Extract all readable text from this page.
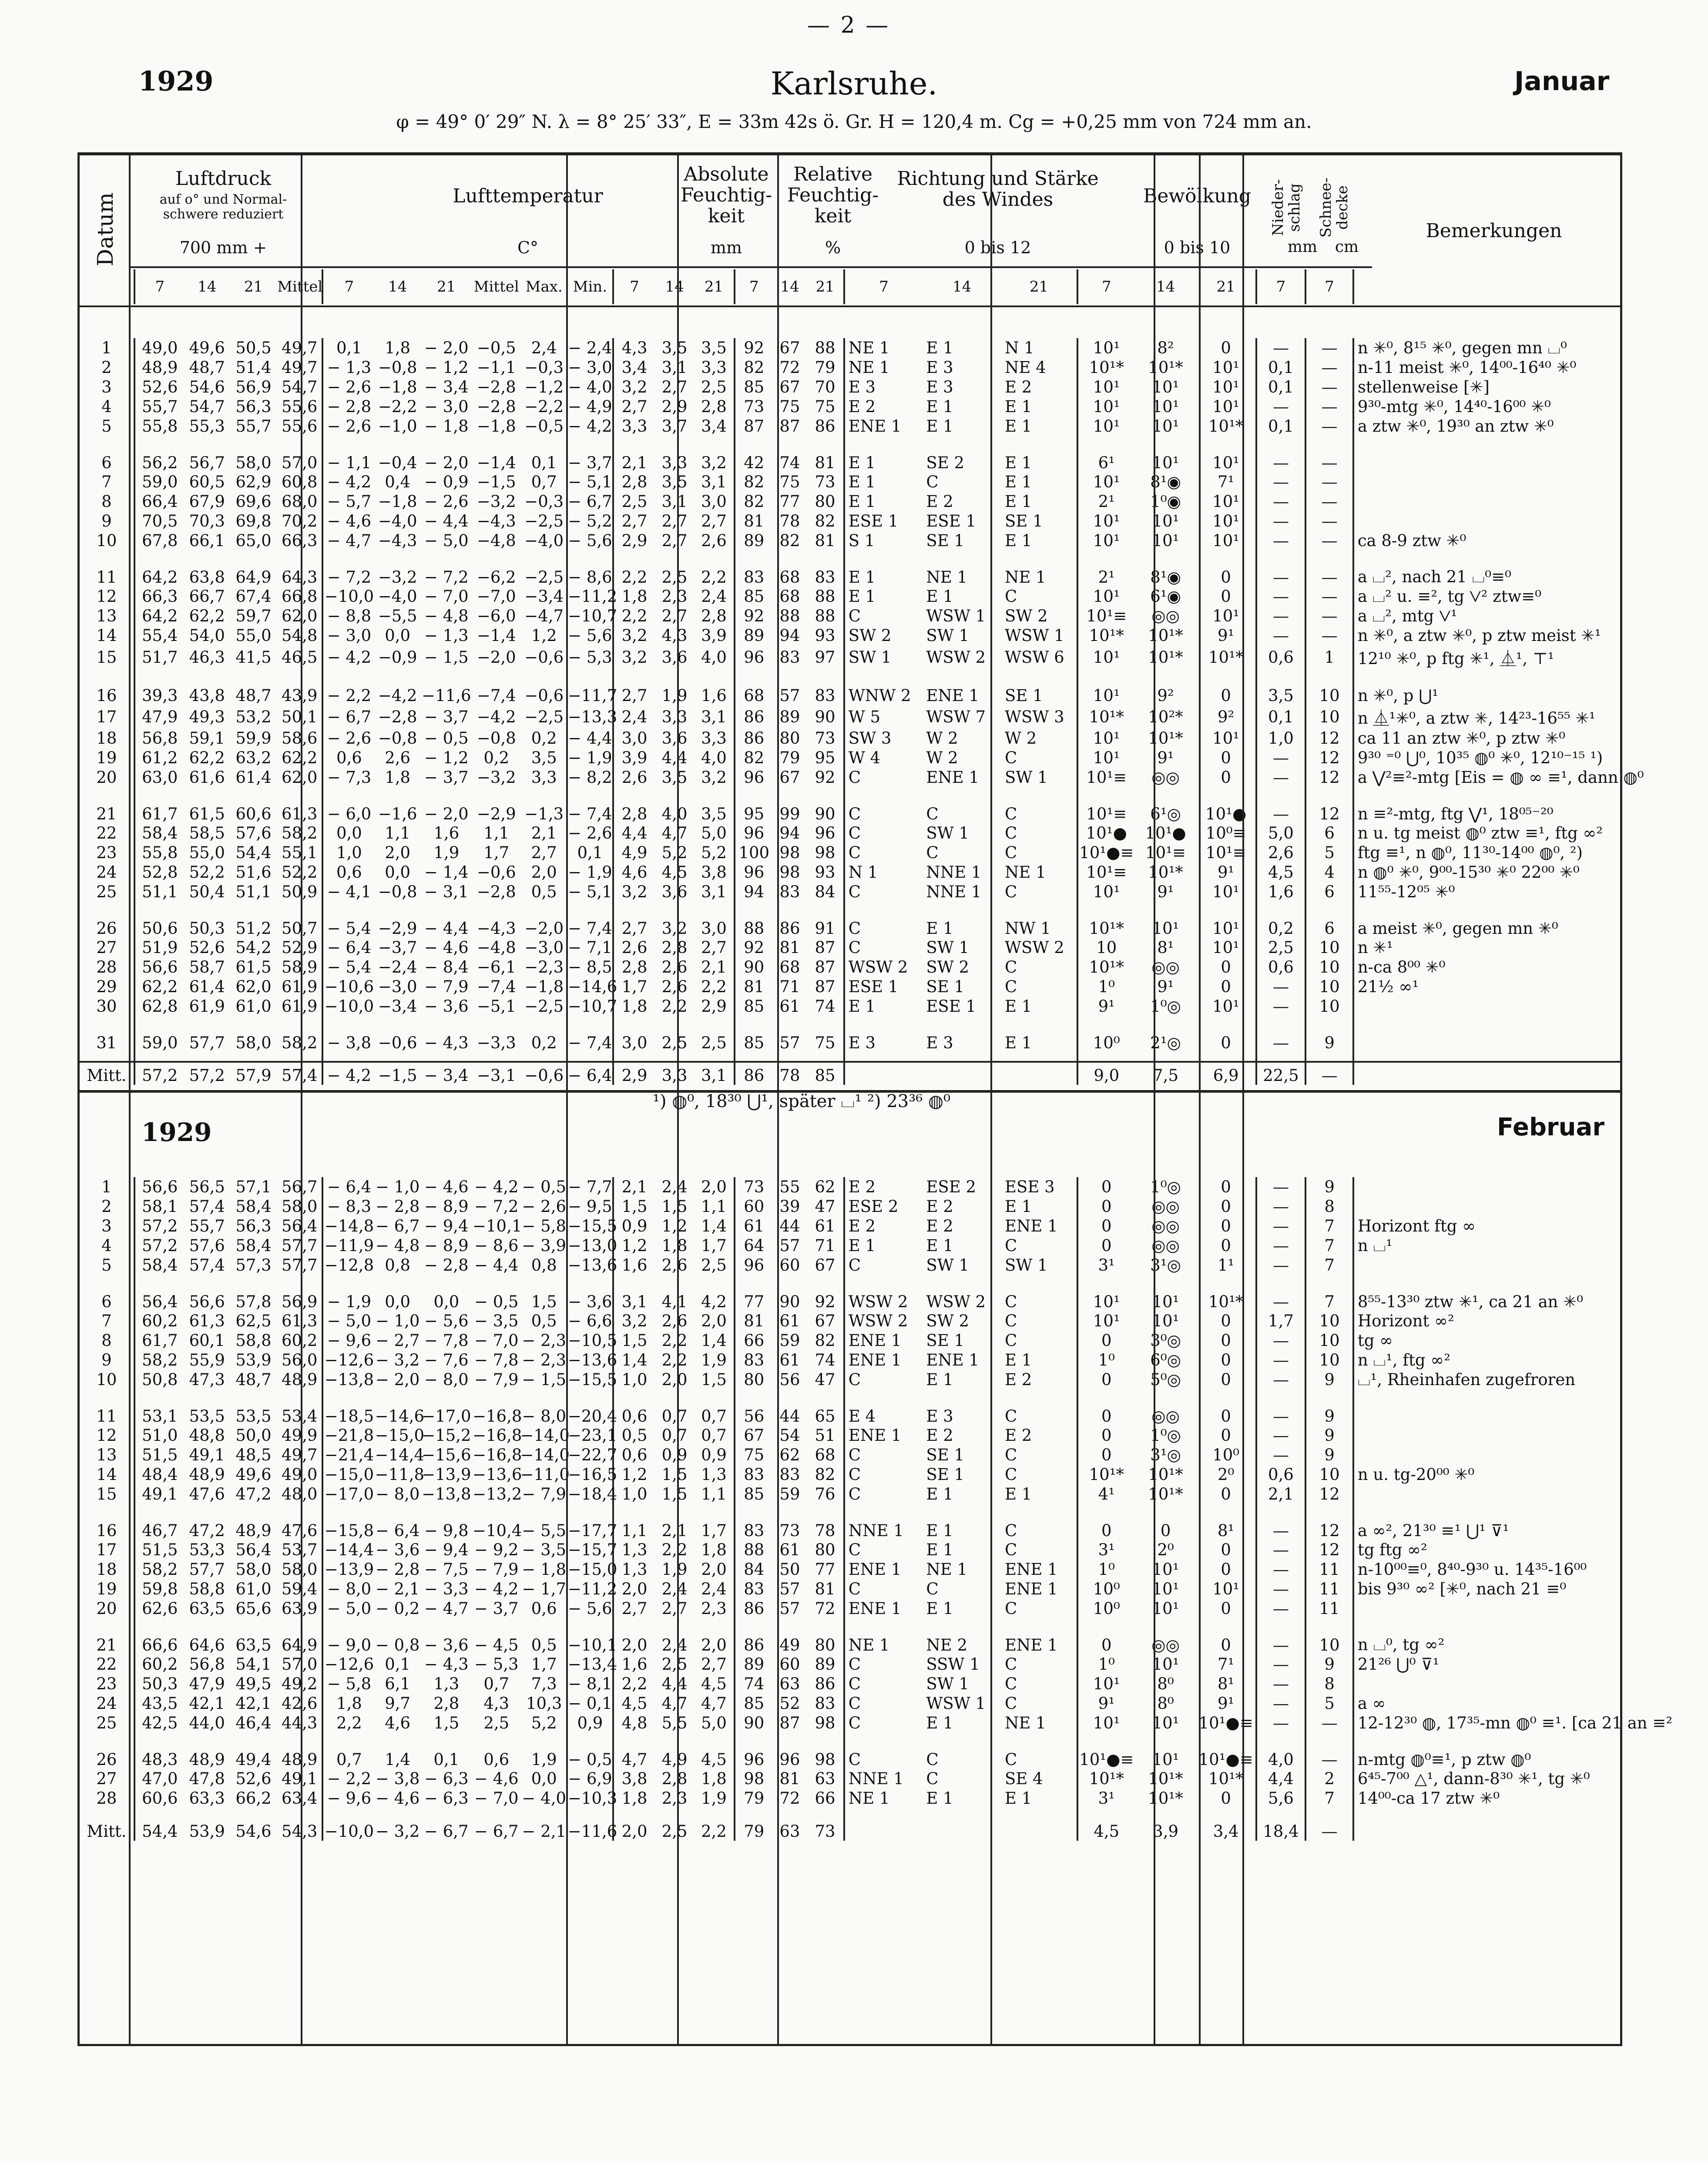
— 2 —
1929	Karlsruhe.	Januar
φ = 49° 0′ 29″ N. λ = 8° 25′ 33″, E = 33m 42s ö. Gr. H = 120,4 m. Cg = +0,25 mm von 724 mm an.
Datum
Luftdruck
auf o° und Normal- schwere reduziert
700 mm +
Lufttemperatur
C°
Absolute Feuchtig- keit
mm
Relative Feuchtig- keit
%
Richtung und Stärke des Windes
0 bis 12
Bewölkung
0 bis 10
Nieder- schlag
mm
Schnee- decke
cm
Bemerkungen
	7	14	21	Mittel	7	14	21	Mittel	Max.	Min.	7	14	21	7	14	21	7	14	21	7	14	21	7	7	
1	49,0	49,6	50,5	49,7	0,1	1,8	− 2,0	−0,5	2,4	− 2,4	4,3	3,5	3,5	92	67	88	NE 1	E 1	N 1	10¹	8²	0	—	—	n ✳⁰, 8¹⁵ ✳⁰, gegen mn ⌴⁰
2	48,9	48,7	51,4	49,7	− 1,3	−0,8	− 1,2	−1,1	−0,3	− 3,0	3,4	3,1	3,3	82	72	79	NE 1	E 3	NE 4	10¹*	10¹*	10¹	0,1	—	n-11 meist ✳⁰, 14⁰⁰-16⁴⁰ ✳⁰
3	52,6	54,6	56,9	54,7	− 2,6	−1,8	− 3,4	−2,8	−1,2	− 4,0	3,2	2,7	2,5	85	67	70	E 3	E 3	E 2	10¹	10¹	10¹	0,1	—	stellenweise [✳]
4	55,7	54,7	56,3	55,6	− 2,8	−2,2	− 3,0	−2,8	−2,2	− 4,9	2,7	2,9	2,8	73	75	75	E 2	E 1	E 1	10¹	10¹	10¹	—	—	9³⁰-mtg ✳⁰, 14⁴⁰-16⁰⁰ ✳⁰
5	55,8	55,3	55,7	55,6	− 2,6	−1,0	− 1,8	−1,8	−0,5	− 4,2	3,3	3,7	3,4	87	87	86	ENE 1	E 1	E 1	10¹	10¹	10¹*	0,1	—	a ztw ✳⁰, 19³⁰ an ztw ✳⁰
6	56,2	56,7	58,0	57,0	− 1,1	−0,4	− 2,0	−1,4	0,1	− 3,7	2,1	3,3	3,2	42	74	81	E 1	SE 2	E 1	6¹	10¹	10¹	—	—	
7	59,0	60,5	62,9	60,8	− 4,2	0,4	− 0,9	−1,5	0,7	− 5,1	2,8	3,5	3,1	82	75	73	E 1	C	E 1	10¹	8¹◉	7¹	—	—	
8	66,4	67,9	69,6	68,0	− 5,7	−1,8	− 2,6	−3,2	−0,3	− 6,7	2,5	3,1	3,0	82	77	80	E 1	E 2	E 1	2¹	1⁰◉	10¹	—	—	
9	70,5	70,3	69,8	70,2	− 4,6	−4,0	− 4,4	−4,3	−2,5	− 5,2	2,7	2,7	2,7	81	78	82	ESE 1	ESE 1	SE 1	10¹	10¹	10¹	—	—	
10	67,8	66,1	65,0	66,3	− 4,7	−4,3	− 5,0	−4,8	−4,0	− 5,6	2,9	2,7	2,6	89	82	81	S 1	SE 1	E 1	10¹	10¹	10¹	—	—	ca 8-9 ztw ✳⁰
11	64,2	63,8	64,9	64,3	− 7,2	−3,2	− 7,2	−6,2	−2,5	− 8,6	2,2	2,5	2,2	83	68	83	E 1	NE 1	NE 1	2¹	8¹◉	0	—	—	a ⌴², nach 21 ⌴⁰≡⁰
12	66,3	66,7	67,4	66,8	−10,0	−4,0	− 7,0	−7,0	−3,4	−11,2	1,8	2,3	2,4	85	68	88	E 1	E 1	C	10¹	6¹◉	0	—	—	a ⌴² u. ≡², tg ⋁² ztw≡⁰
13	64,2	62,2	59,7	62,0	− 8,8	−5,5	− 4,8	−6,0	−4,7	−10,7	2,2	2,7	2,8	92	88	88	C	WSW 1	SW 2	10¹≡	◎◎	10¹	—	—	a ⌴², mtg ⋁¹
14	55,4	54,0	55,0	54,8	− 3,0	0,0	− 1,3	−1,4	1,2	− 5,6	3,2	4,3	3,9	89	94	93	SW 2	SW 1	WSW 1	10¹*	10¹*	9¹	—	—	n ✳⁰, a ztw ✳⁰, p ztw meist ✳¹
15	51,7	46,3	41,5	46,5	− 4,2	−0,9	− 1,5	−2,0	−0,6	− 5,3	3,2	3,6	4,0	96	83	97	SW 1	WSW 2	WSW 6	10¹	10¹*	10¹*	0,6	1	12¹⁰ ✳⁰, p ftg ✳¹, ⏅¹, ⊤¹
16	39,3	43,8	48,7	43,9	− 2,2	−4,2	−11,6	−7,4	−0,6	−11,7	2,7	1,9	1,6	68	57	83	WNW 2	ENE 1	SE 1	10¹	9²	0	3,5	10	n ✳⁰, p ⋃¹
17	47,9	49,3	53,2	50,1	− 6,7	−2,8	− 3,7	−4,2	−2,5	−13,3	2,4	3,3	3,1	86	89	90	W 5	WSW 7	WSW 3	10¹*	10²*	9²	0,1	10	n ⏅¹✳⁰, a ztw ✳, 14²³-16⁵⁵ ✳¹
18	56,8	59,1	59,9	58,6	− 2,6	−0,8	− 0,5	−0,8	0,2	− 4,4	3,0	3,6	3,3	86	80	73	SW 3	W 2	W 2	10¹	10¹*	10¹	1,0	12	ca 11 an ztw ✳⁰, p ztw ✳⁰
19	61,2	62,2	63,2	62,2	0,6	2,6	− 1,2	0,2	3,5	− 1,9	3,9	4,4	4,0	82	79	95	W 4	W 2	C	10¹	9¹	0	—	12	9³⁰ ⁼⁰ ⋃⁰, 10³⁵ ◍⁰ ✳⁰, 12¹⁰⁻¹⁵ ¹)
20	63,0	61,6	61,4	62,0	− 7,3	1,8	− 3,7	−3,2	3,3	− 8,2	2,6	3,5	3,2	96	67	92	C	ENE 1	SW 1	10¹≡	◎◎	0	—	12	a ⋁²≡²-mtg [Eis = ◍ ∞ ≡¹, dann ◍⁰
21	61,7	61,5	60,6	61,3	− 6,0	−1,6	− 2,0	−2,9	−1,3	− 7,4	2,8	4,0	3,5	95	99	90	C	C	C	10¹≡	6¹◎	10¹●	—	12	n ≡²-mtg, ftg ⋁¹, 18⁰⁵⁻²⁰
22	58,4	58,5	57,6	58,2	0,0	1,1	1,6	1,1	2,1	− 2,6	4,4	4,7	5,0	96	94	96	C	SW 1	C	10¹●	10¹●	10⁰≡	5,0	6	n u. tg meist ◍⁰ ztw ≡¹, ftg ∞²
23	55,8	55,0	54,4	55,1	1,0	2,0	1,9	1,7	2,7	0,1	4,9	5,2	5,2	100	98	98	C	C	C	10¹●≡	10¹≡	10¹≡	2,6	5	ftg ≡¹, n ◍⁰, 11³⁰-14⁰⁰ ◍⁰, ²)
24	52,8	52,2	51,6	52,2	0,6	0,0	− 1,4	−0,6	2,0	− 1,9	4,6	4,5	3,8	96	98	93	N 1	NNE 1	NE 1	10¹≡	10¹*	9¹	4,5	4	n ◍⁰ ✳⁰, 9⁰⁰-15³⁰ ✳⁰ 22⁰⁰ ✳⁰
25	51,1	50,4	51,1	50,9	− 4,1	−0,8	− 3,1	−2,8	0,5	− 5,1	3,2	3,6	3,1	94	83	84	C	NNE 1	C	10¹	9¹	10¹	1,6	6	11⁵⁵-12⁰⁵ ✳⁰
26	50,6	50,3	51,2	50,7	− 5,4	−2,9	− 4,4	−4,3	−2,0	− 7,4	2,7	3,2	3,0	88	86	91	C	E 1	NW 1	10¹*	10¹	10¹	0,2	6	a meist ✳⁰, gegen mn ✳⁰
27	51,9	52,6	54,2	52,9	− 6,4	−3,7	− 4,6	−4,8	−3,0	− 7,1	2,6	2,8	2,7	92	81	87	C	SW 1	WSW 2	10	8¹	10¹	2,5	10	n ✳¹
28	56,6	58,7	61,5	58,9	− 5,4	−2,4	− 8,4	−6,1	−2,3	− 8,5	2,8	2,6	2,1	90	68	87	WSW 2	SW 2	C	10¹*	◎◎	0	0,6	10	n-ca 8⁰⁰ ✳⁰
29	62,2	61,4	62,0	61,9	−10,6	−3,0	− 7,9	−7,4	−1,8	−14,6	1,7	2,6	2,2	81	71	87	ESE 1	SE 1	C	1⁰	9¹	0	—	10	21½ ∞¹
30	62,8	61,9	61,0	61,9	−10,0	−3,4	− 3,6	−5,1	−2,5	−10,7	1,8	2,2	2,9	85	61	74	E 1	ESE 1	E 1	9¹	1⁰◎	10¹	—	10	
31	59,0	57,7	58,0	58,2	− 3,8	−0,6	− 4,3	−3,3	0,2	− 7,4	3,0	2,5	2,5	85	57	75	E 3	E 3	E 1	10⁰	2¹◎	0	—	9	
Mitt.	57,2	57,2	57,9	57,4	− 4,2	−1,5	− 3,4	−3,1	−0,6	− 6,4	2,9	3,3	3,1	86	78	85				9,0	7,5	6,9	22,5	—	
1	56,6	56,5	57,1	56,7	− 6,4	− 1,0	− 4,6	− 4,2	− 0,5	− 7,7	2,1	2,4	2,0	73	55	62	E 2	ESE 2	ESE 3	0	1⁰◎	0	—	9	
2	58,1	57,4	58,4	58,0	− 8,3	− 2,8	− 8,9	− 7,2	− 2,6	− 9,5	1,5	1,5	1,1	60	39	47	ESE 2	E 2	E 1	0	◎◎	0	—	8	
3	57,2	55,7	56,3	56,4	−14,8	− 6,7	− 9,4	−10,1	− 5,8	−15,5	0,9	1,2	1,4	61	44	61	E 2	E 2	ENE 1	0	◎◎	0	—	7	Horizont ftg ∞
4	57,2	57,6	58,4	57,7	−11,9	− 4,8	− 8,9	− 8,6	− 3,9	−13,0	1,2	1,8	1,7	64	57	71	E 1	E 1	C	0	◎◎	0	—	7	n ⌴¹
5	58,4	57,4	57,3	57,7	−12,8	0,8	− 2,8	− 4,4	0,8	−13,6	1,6	2,6	2,5	96	60	67	C	SW 1	SW 1	3¹	3¹◎	1¹	—	7	
6	56,4	56,6	57,8	56,9	− 1,9	0,0	0,0	− 0,5	1,5	− 3,6	3,1	4,1	4,2	77	90	92	WSW 2	WSW 2	C	10¹	10¹	10¹*	—	7	8⁵⁵-13³⁰ ztw ✳¹, ca 21 an ✳⁰
7	60,2	61,3	62,5	61,3	− 5,0	− 1,0	− 5,6	− 3,5	0,5	− 6,6	3,2	2,6	2,0	81	61	67	WSW 2	SW 2	C	10¹	10¹	0	1,7	10	Horizont ∞²
8	61,7	60,1	58,8	60,2	− 9,6	− 2,7	− 7,8	− 7,0	− 2,3	−10,5	1,5	2,2	1,4	66	59	82	ENE 1	SE 1	C	0	3⁰◎	0	—	10	tg ∞
9	58,2	55,9	53,9	56,0	−12,6	− 3,2	− 7,6	− 7,8	− 2,3	−13,6	1,4	2,2	1,9	83	61	74	ENE 1	ENE 1	E 1	1⁰	6⁰◎	0	—	10	n ⌴¹, ftg ∞²
10	50,8	47,3	48,7	48,9	−13,8	− 2,0	− 8,0	− 7,9	− 1,5	−15,5	1,0	2,0	1,5	80	56	47	C	E 1	E 2	0	5⁰◎	0	—	9	⌴¹, Rheinhafen zugefroren
11	53,1	53,5	53,5	53,4	−18,5	−14,6	−17,0	−16,8	− 8,0	−20,4	0,6	0,7	0,7	56	44	65	E 4	E 3	C	0	◎◎	0	—	9	
12	51,0	48,8	50,0	49,9	−21,8	−15,0	−15,2	−16,8	−14,0	−23,1	0,5	0,7	0,7	67	54	51	ENE 1	E 2	E 2	0	1⁰◎	0	—	9	
13	51,5	49,1	48,5	49,7	−21,4	−14,4	−15,6	−16,8	−14,0	−22,7	0,6	0,9	0,9	75	62	68	C	SE 1	C	0	3¹◎	10⁰	—	9	
14	48,4	48,9	49,6	49,0	−15,0	−11,8	−13,9	−13,6	−11,0	−16,5	1,2	1,5	1,3	83	83	82	C	SE 1	C	10¹*	10¹*	2⁰	0,6	10	n u. tg-20⁰⁰ ✳⁰
15	49,1	47,6	47,2	48,0	−17,0	− 8,0	−13,8	−13,2	− 7,9	−18,4	1,0	1,5	1,1	85	59	76	C	E 1	E 1	4¹	10¹*	0	2,1	12	
16	46,7	47,2	48,9	47,6	−15,8	− 6,4	− 9,8	−10,4	− 5,5	−17,7	1,1	2,1	1,7	83	73	78	NNE 1	E 1	C	0	0	8¹	—	12	a ∞², 21³⁰ ≡¹ ⋃¹ ⊽¹
17	51,5	53,3	56,4	53,7	−14,4	− 3,6	− 9,4	− 9,2	− 3,5	−15,7	1,3	2,2	1,8	88	61	80	C	E 1	C	3¹	2⁰	0	—	12	tg ftg ∞²
18	58,2	57,7	58,0	58,0	−13,9	− 2,8	− 7,5	− 7,9	− 1,8	−15,0	1,3	1,9	2,0	84	50	77	ENE 1	NE 1	ENE 1	1⁰	10¹	0	—	11	n-10⁰⁰≡⁰, 8⁴⁰-9³⁰ u. 14³⁵-16⁰⁰
19	59,8	58,8	61,0	59,4	− 8,0	− 2,1	− 3,3	− 4,2	− 1,7	−11,2	2,0	2,4	2,4	83	57	81	C	C	ENE 1	10⁰	10¹	10¹	—	11	bis 9³⁰ ∞² [✳⁰, nach 21 ≡⁰
20	62,6	63,5	65,6	63,9	− 5,0	− 0,2	− 4,7	− 3,7	0,6	− 5,6	2,7	2,7	2,3	86	57	72	ENE 1	E 1	C	10⁰	10¹	0	—	11	
21	66,6	64,6	63,5	64,9	− 9,0	− 0,8	− 3,6	− 4,5	0,5	−10,1	2,0	2,4	2,0	86	49	80	NE 1	NE 2	ENE 1	0	◎◎	0	—	10	n ⌴⁰, tg ∞²
22	60,2	56,8	54,1	57,0	−12,6	0,1	− 4,3	− 5,3	1,7	−13,4	1,6	2,5	2,7	89	60	89	C	SSW 1	C	1⁰	10¹	7¹	—	9	21²⁶ ⋃⁰ ⊽¹
23	50,3	47,9	49,5	49,2	− 5,8	6,1	1,3	0,7	7,3	− 8,1	2,2	4,4	4,5	74	63	86	C	SW 1	C	10¹	8⁰	8¹	—	8	
24	43,5	42,1	42,1	42,6	1,8	9,7	2,8	4,3	10,3	− 0,1	4,5	4,7	4,7	85	52	83	C	WSW 1	C	9¹	8⁰	9¹	—	5	a ∞
25	42,5	44,0	46,4	44,3	2,2	4,6	1,5	2,5	5,2	0,9	4,8	5,5	5,0	90	87	98	C	E 1	NE 1	10¹	10¹	10¹●≡	—	—	12-12³⁰ ◍, 17³⁵-mn ◍⁰ ≡¹. [ca 21 an ≡²
26	48,3	48,9	49,4	48,9	0,7	1,4	0,1	0,6	1,9	− 0,5	4,7	4,9	4,5	96	96	98	C	C	C	10¹●≡	10¹	10¹●≡	4,0	—	n-mtg ◍⁰≡¹, p ztw ◍⁰
27	47,0	47,8	52,6	49,1	− 2,2	− 3,8	− 6,3	− 4,6	0,0	− 6,9	3,8	2,8	1,8	98	81	63	NNE 1	C	SE 4	10¹*	10¹*	10¹*	4,4	2	6⁴⁵-7⁰⁰ △¹, dann-8³⁰ ✳¹, tg ✳⁰
28	60,6	63,3	66,2	63,4	− 9,6	− 4,6	− 6,3	− 7,0	− 4,0	−10,3	1,8	2,3	1,9	79	72	66	NE 1	E 1	E 1	3¹	10¹*	0	5,6	7	14⁰⁰-ca 17 ztw ✳⁰
Mitt.	54,4	53,9	54,6	54,3	−10,0	− 3,2	− 6,7	− 6,7	− 2,1	−11,6	2,0	2,5	2,2	79	63	73				4,5	3,9	3,4	18,4	—	
¹) ◍⁰, 18³⁰ ⋃¹, später ⌴¹ ²) 23³⁶ ◍⁰
1929	Februar
